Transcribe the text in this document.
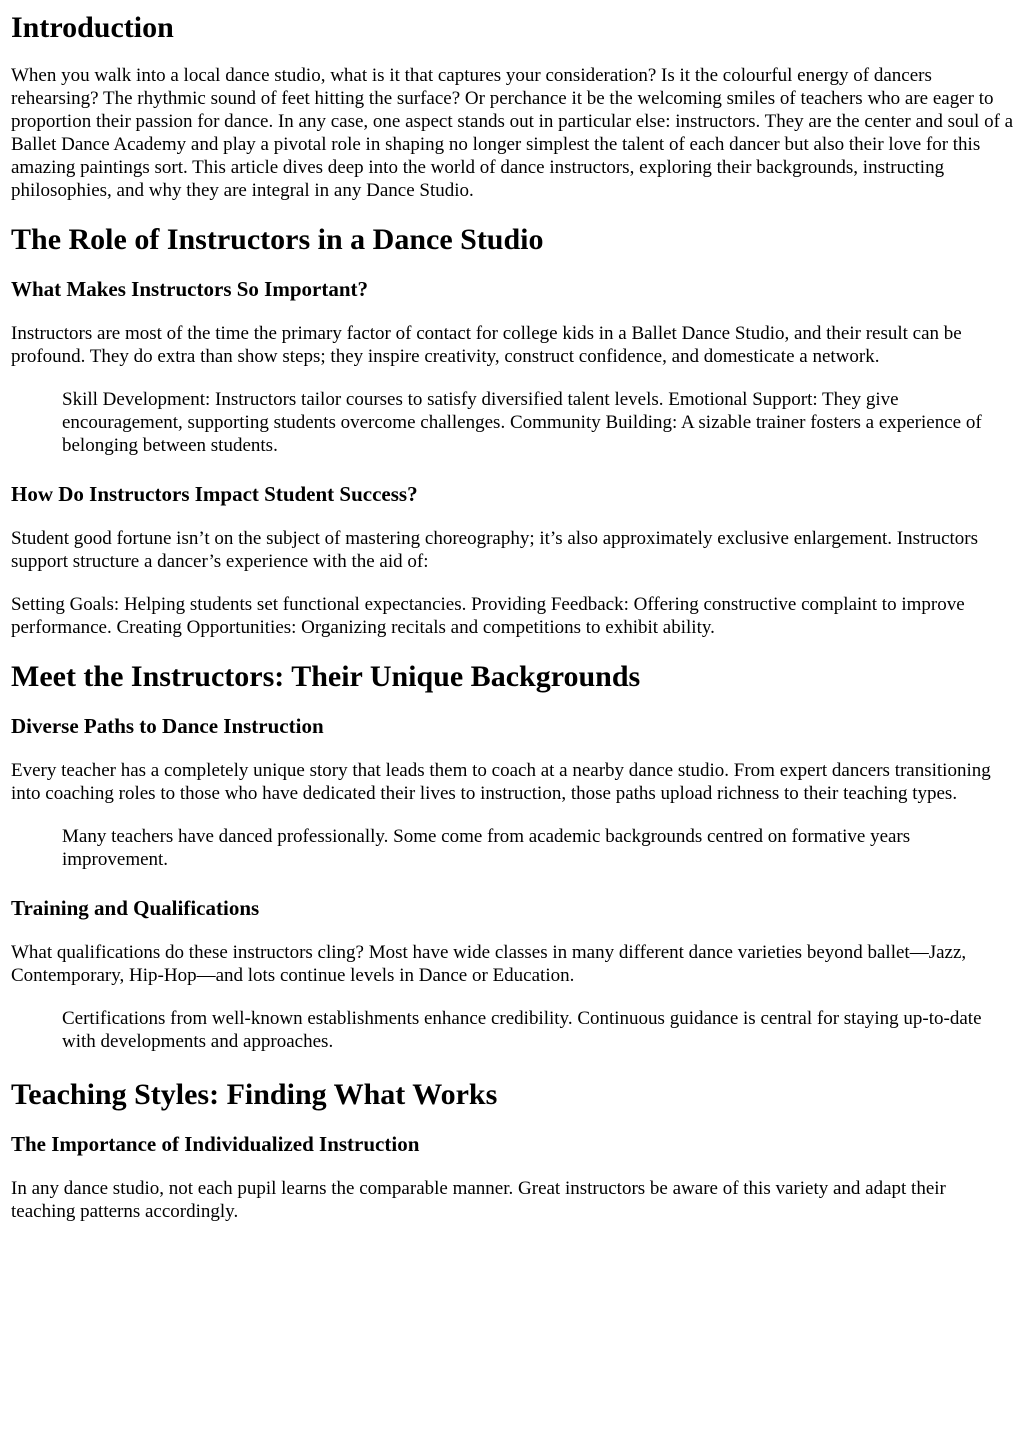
Introduction

When you walk into a local dance studio, what is it that captures your consideration? Is it the colourful energy of dancers rehearsing? The rhythmic sound of feet hitting the surface? Or perchance it be the welcoming smiles of teachers who are eager to proportion their passion for dance. In any case, one aspect stands out in particular else: instructors. They are the center and soul of a Ballet Dance Academy and play a pivotal role in shaping no longer simplest the talent of each dancer but also their love for this amazing paintings sort. This article dives deep into the world of dance instructors, exploring their backgrounds, instructing philosophies, and why they are integral in any Dance Studio.

The Role of Instructors in a Dance Studio
What Makes Instructors So Important?

Instructors are most of the time the primary factor of contact for college kids in a Ballet Dance Studio, and their result can be profound. They do extra than show steps; they inspire creativity, construct confidence, and domesticate a network.

Skill Development: Instructors tailor courses to satisfy diversified talent levels. Emotional Support: They give encouragement, supporting students overcome challenges. Community Building: A sizable trainer fosters a experience of belonging between students.
How Do Instructors Impact Student Success?

Student good fortune isn’t on the subject of mastering choreography; it’s also approximately exclusive enlargement. Instructors support structure a dancer’s experience with the aid of:

Setting Goals: Helping students set functional expectancies. Providing Feedback: Offering constructive complaint to improve performance. Creating Opportunities: Organizing recitals and competitions to exhibit ability.

Meet the Instructors: Their Unique Backgrounds
Diverse Paths to Dance Instruction

Every teacher has a completely unique story that leads them to coach at a nearby dance studio. From expert dancers transitioning into coaching roles to those who have dedicated their lives to instruction, those paths upload richness to their teaching types.

Many teachers have danced professionally. Some come from academic backgrounds centred on formative years improvement.
Training and Qualifications

What qualifications do these instructors cling? Most have wide classes in many different dance varieties beyond ballet—Jazz, Contemporary, Hip-Hop—and lots continue levels in Dance or Education.

Certifications from well-known establishments enhance credibility. Continuous guidance is central for staying up-to-date with developments and approaches.
Teaching Styles: Finding What Works
The Importance of Individualized Instruction

In any dance studio, not each pupil learns the comparable manner. Great instructors be aware of this variety and adapt their teaching patterns accordingly.
